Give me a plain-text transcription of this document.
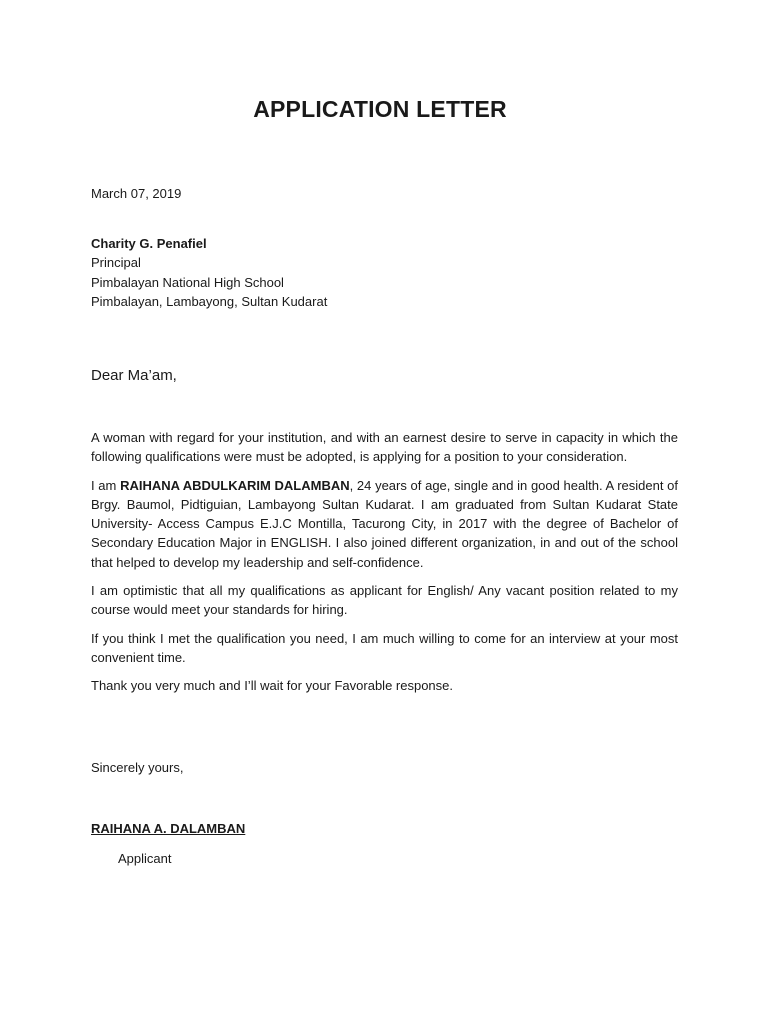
APPLICATION LETTER
March 07, 2019
Charity G. Penafiel
Principal
Pimbalayan National High School
Pimbalayan, Lambayong, Sultan Kudarat
Dear Ma’am,

A woman with regard for your institution, and with an earnest desire to serve in capacity in which the following qualifications were must be adopted, is applying for a position to your consideration.

I am RAIHANA ABDULKARIM DALAMBAN, 24 years of age, single and in good health. A resident of Brgy. Baumol, Pidtiguian, Lambayong Sultan Kudarat. I am graduated from Sultan Kudarat State University- Access Campus E.J.C Montilla, Tacurong City, in 2017 with the degree of Bachelor of Secondary Education Major in ENGLISH. I also joined different organization, in and out of the school that helped to develop my leadership and self-confidence.

I am optimistic that all my qualifications as applicant for English/ Any vacant position related to my course would meet your standards for hiring.

If you think I met the qualification you need, I am much willing to come for an interview at your most convenient time.

Thank you very much and I’ll wait for your Favorable response.

Sincerely yours,
RAIHANA A. DALAMBAN
Applicant
